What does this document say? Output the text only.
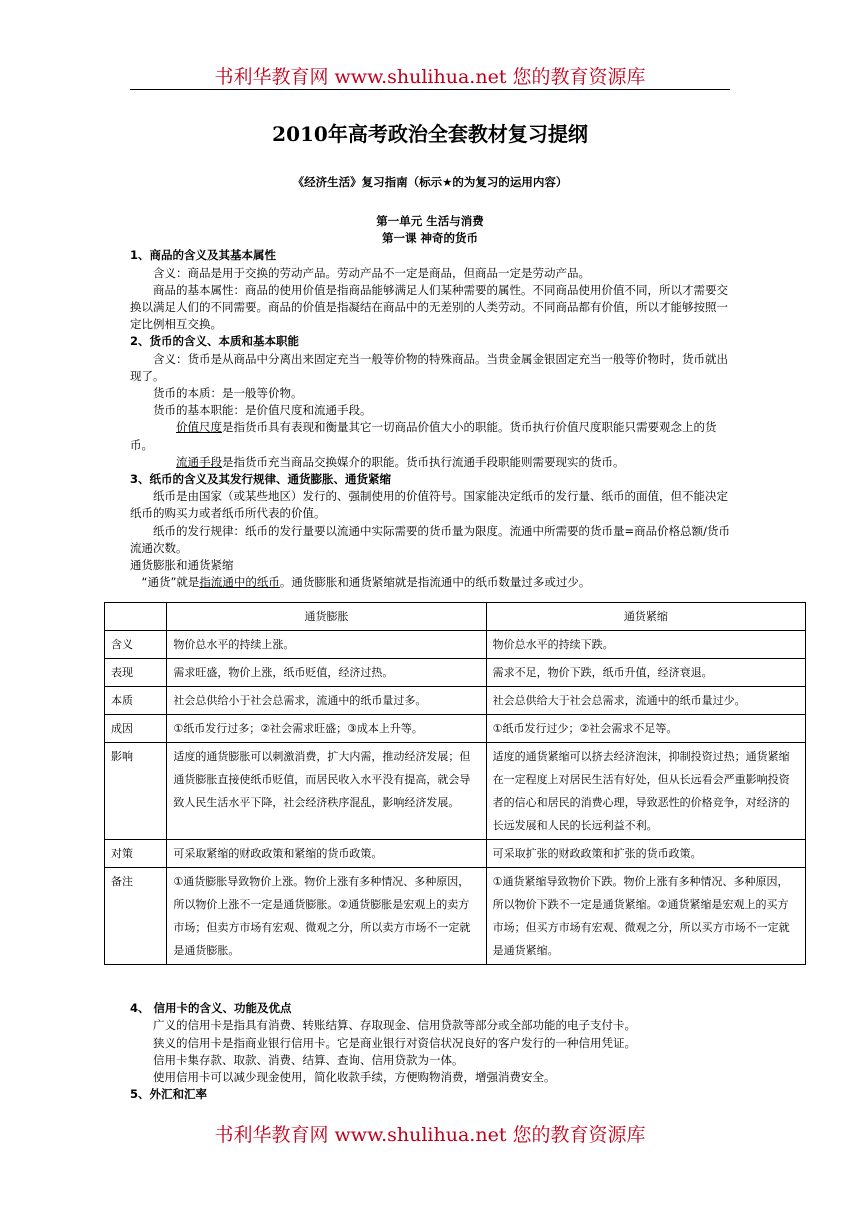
书利华教育网 www.shulihua.net 您的教育资源库
2010年高考政治全套教材复习提纲
《经济生活》复习指南（标示★的为复习的运用内容）
第一单元 生活与消费
第一课 神奇的货币
1、商品的含义及其基本属性
含义：商品是用于交换的劳动产品。劳动产品不一定是商品，但商品一定是劳动产品。
商品的基本属性：商品的使用价值是指商品能够满足人们某种需要的属性。不同商品使用价值不同，所以才需要交换以满足人们的不同需要。商品的价值是指凝结在商品中的无差别的人类劳动。不同商品都有价值，所以才能够按照一定比例相互交换。
2、货币的含义、本质和基本职能
含义：货币是从商品中分离出来固定充当一般等价物的特殊商品。当贵金属金银固定充当一般等价物时，货币就出现了。
货币的本质：是一般等价物。
货币的基本职能：是价值尺度和流通手段。
价值尺度是指货币具有表现和衡量其它一切商品价值大小的职能。货币执行价值尺度职能只需要观念上的货币。
流通手段是指货币充当商品交换媒介的职能。货币执行流通手段职能则需要现实的货币。
3、纸币的含义及其发行规律、通货膨胀、通货紧缩
纸币是由国家（或某些地区）发行的、强制使用的价值符号。国家能决定纸币的发行量、纸币的面值，但不能决定纸币的购买力或者纸币所代表的价值。
纸币的发行规律：纸币的发行量要以流通中实际需要的货币量为限度。流通中所需要的货币量=商品价格总额/货币流通次数。
通货膨胀和通货紧缩
“通货”就是指流通中的纸币。通货膨胀和通货紧缩就是指流通中的纸币数量过多或过少。
	通货膨胀	通货紧缩
含义	物价总水平的持续上涨。	物价总水平的持续下跌。
表现	需求旺盛，物价上涨，纸币贬值，经济过热。	需求不足，物价下跌，纸币升值，经济衰退。
本质	社会总供给小于社会总需求，流通中的纸币量过多。	社会总供给大于社会总需求，流通中的纸币量过少。
成因	①纸币发行过多；②社会需求旺盛；③成本上升等。	①纸币发行过少；②社会需求不足等。
影响	适度的通货膨胀可以刺激消费，扩大内需，推动经济发展；但通货膨胀直接使纸币贬值，而居民收入水平没有提高，就会导致人民生活水平下降，社会经济秩序混乱，影响经济发展。	适度的通货紧缩可以挤去经济泡沫，抑制投资过热；通货紧缩在一定程度上对居民生活有好处，但从长远看会严重影响投资者的信心和居民的消费心理，导致恶性的价格竞争，对经济的长远发展和人民的长远利益不利。
对策	可采取紧缩的财政政策和紧缩的货币政策。	可采取扩张的财政政策和扩张的货币政策。
备注	①通货膨胀导致物价上涨。物价上涨有多种情况、多种原因，所以物价上涨不一定是通货膨胀。②通货膨胀是宏观上的卖方市场；但卖方市场有宏观、微观之分，所以卖方市场不一定就是通货膨胀。	①通货紧缩导致物价下跌。物价上涨有多种情况、多种原因，所以物价下跌不一定是通货紧缩。②通货紧缩是宏观上的买方市场；但买方市场有宏观、微观之分，所以买方市场不一定就是通货紧缩。
4、 信用卡的含义、功能及优点
广义的信用卡是指具有消费、转账结算、存取现金、信用贷款等部分或全部功能的电子支付卡。
狭义的信用卡是指商业银行信用卡。它是商业银行对资信状况良好的客户发行的一种信用凭证。
信用卡集存款、取款、消费、结算、查询、信用贷款为一体。
使用信用卡可以减少现金使用，简化收款手续，方便购物消费，增强消费安全。
5、外汇和汇率
书利华教育网 www.shulihua.net 您的教育资源库
